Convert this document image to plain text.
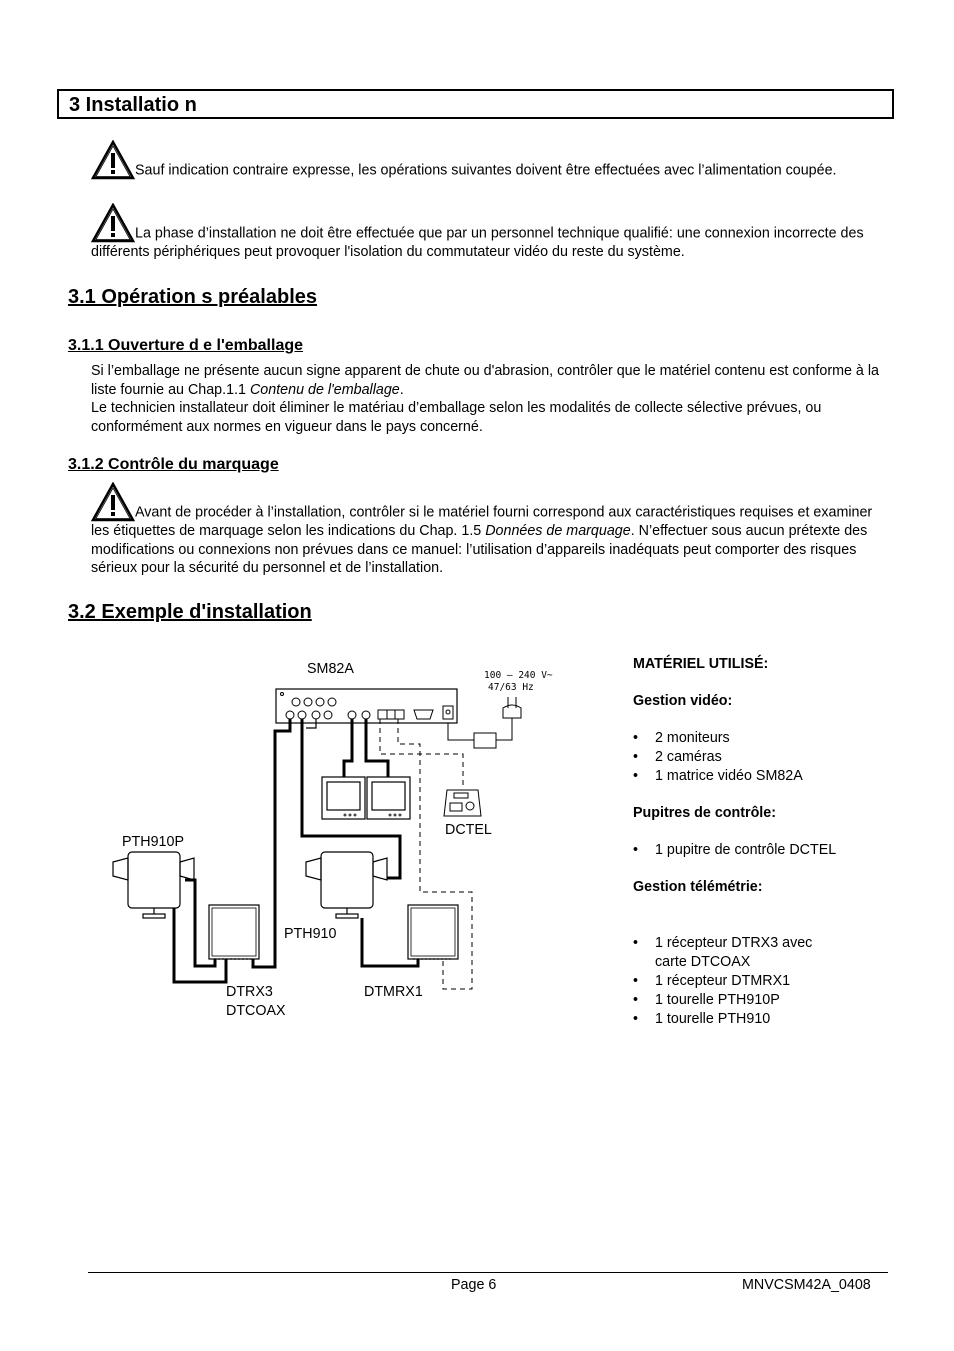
3 Installatio n
Sauf indication contraire expresse, les opérations suivantes doivent être effectuées avec l’alimentation coupée.
La phase d’installation ne doit être effectuée que par un personnel technique qualifié: une connexion incorrecte des différents périphériques peut provoquer l'isolation du commutateur vidéo du reste du système.
3.1 Opération s préalables
3.1.1 Ouverture d e l'emballage
Si l’emballage ne présente aucun signe apparent de chute ou d'abrasion, contrôler que le matériel contenu est conforme à la liste fournie au Chap.1.1 Contenu de l'emballage.
Le technicien installateur doit éliminer le matériau d’emballage selon les modalités de collecte sélective prévues, ou conformément aux normes en vigueur dans le pays concerné.
3.1.2 Contrôle du marquage
Avant de procéder à l’installation, contrôler si le matériel fourni correspond aux caractéristiques requises et examiner les étiquettes de marquage selon les indications du Chap. 1.5 Données de marquage. N’effectuer sous aucun prétexte des modifications ou connexions non prévues dans ce manuel: l’utilisation d’appareils inadéquats peut comporter des risques sérieux pour la sécurité du personnel et de l’installation.
3.2 Exemple d'installation
SM82A	100 – 240 V~
47/63 Hz
DCTEL
PTH910P
PTH910
DTRX3
DTCOAX
DTMRX1
MATÉRIEL UTILISÉ:
Gestion vidéo:
• 2 moniteurs
• 2 caméras
• 1 matrice vidéo SM82A
Pupitres de contrôle:
• 1 pupitre de contrôle DCTEL
Gestion télémétrie:
• 1 récepteur DTRX3 avec carte DTCOAX
• 1 récepteur DTMRX1
• 1 tourelle PTH910P
• 1 tourelle PTH910
Page 6	MNVCSM42A_0408
